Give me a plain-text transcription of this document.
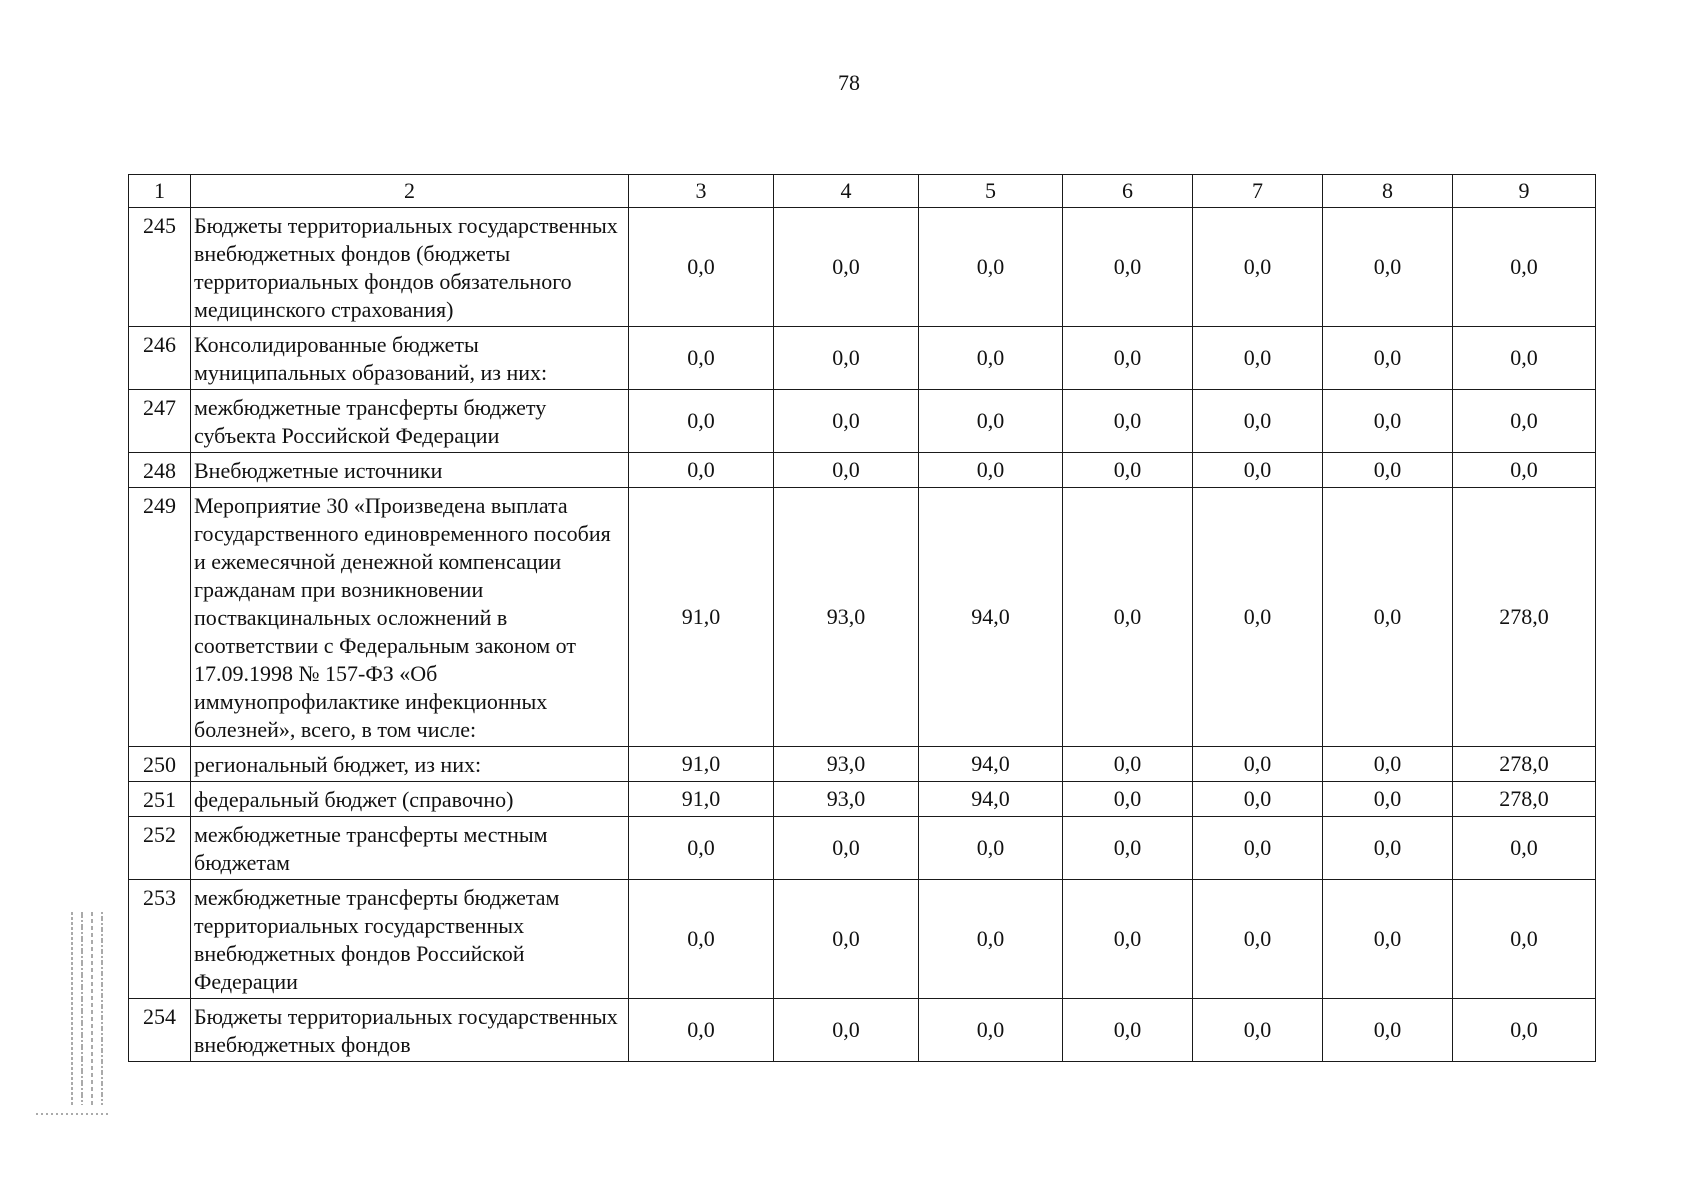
78
1	2	3	4	5	6	7	8	9
245	Бюджеты территориальных государственных внебюджетных фондов (бюджеты территориальных фондов обязательного медицинского страхования)	0,0	0,0	0,0	0,0	0,0	0,0	0,0
246	Консолидированные бюджеты муниципальных образований, из них:	0,0	0,0	0,0	0,0	0,0	0,0	0,0
247	межбюджетные трансферты бюджету субъекта Российской Федерации	0,0	0,0	0,0	0,0	0,0	0,0	0,0
248	Внебюджетные источники	0,0	0,0	0,0	0,0	0,0	0,0	0,0
249	Мероприятие 30 «Произведена выплата государственного единовременного пособия и ежемесячной денежной компенсации гражданам при возникновении поствакцинальных осложнений в соответствии с Федеральным законом от 17.09.1998 № 157-ФЗ «Об иммунопрофилактике инфекционных болезней», всего, в том числе:	91,0	93,0	94,0	0,0	0,0	0,0	278,0
250	региональный бюджет, из них:	91,0	93,0	94,0	0,0	0,0	0,0	278,0
251	федеральный бюджет (справочно)	91,0	93,0	94,0	0,0	0,0	0,0	278,0
252	межбюджетные трансферты местным бюджетам	0,0	0,0	0,0	0,0	0,0	0,0	0,0
253	межбюджетные трансферты бюджетам территориальных государственных внебюджетных фондов Российской Федерации	0,0	0,0	0,0	0,0	0,0	0,0	0,0
254	Бюджеты территориальных государственных внебюджетных фондов	0,0	0,0	0,0	0,0	0,0	0,0	0,0
